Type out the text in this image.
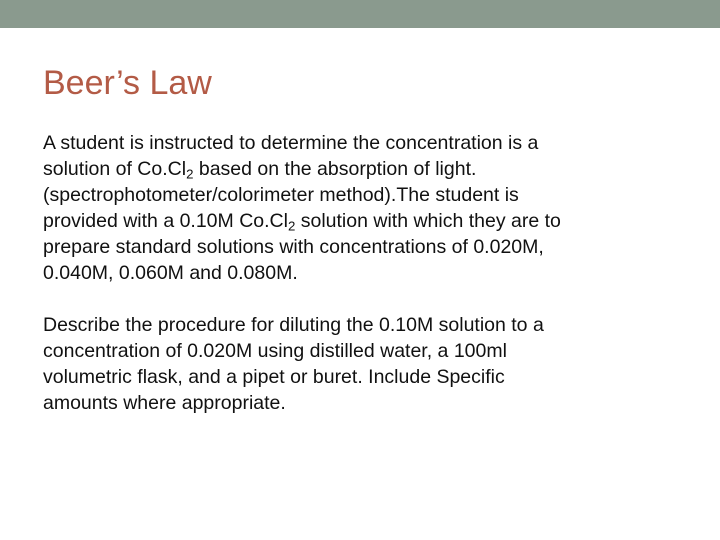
Beer’s Law

A student is instructed to determine the concentration is a
solution of $Co.Cl_2$ based on the absorption of light.
(spectrophotometer/colorimeter method).The student is
provided with a 0.10M $Co.Cl_2$ solution with which they are to
prepare standard solutions with concentrations of 0.020M,
0.040M, 0.060M and 0.080M.

Describe the procedure for diluting the 0.10M solution to a
concentration of 0.020M using distilled water, a 100ml
volumetric flask, and a pipet or buret. Include Specific
amounts where appropriate.
